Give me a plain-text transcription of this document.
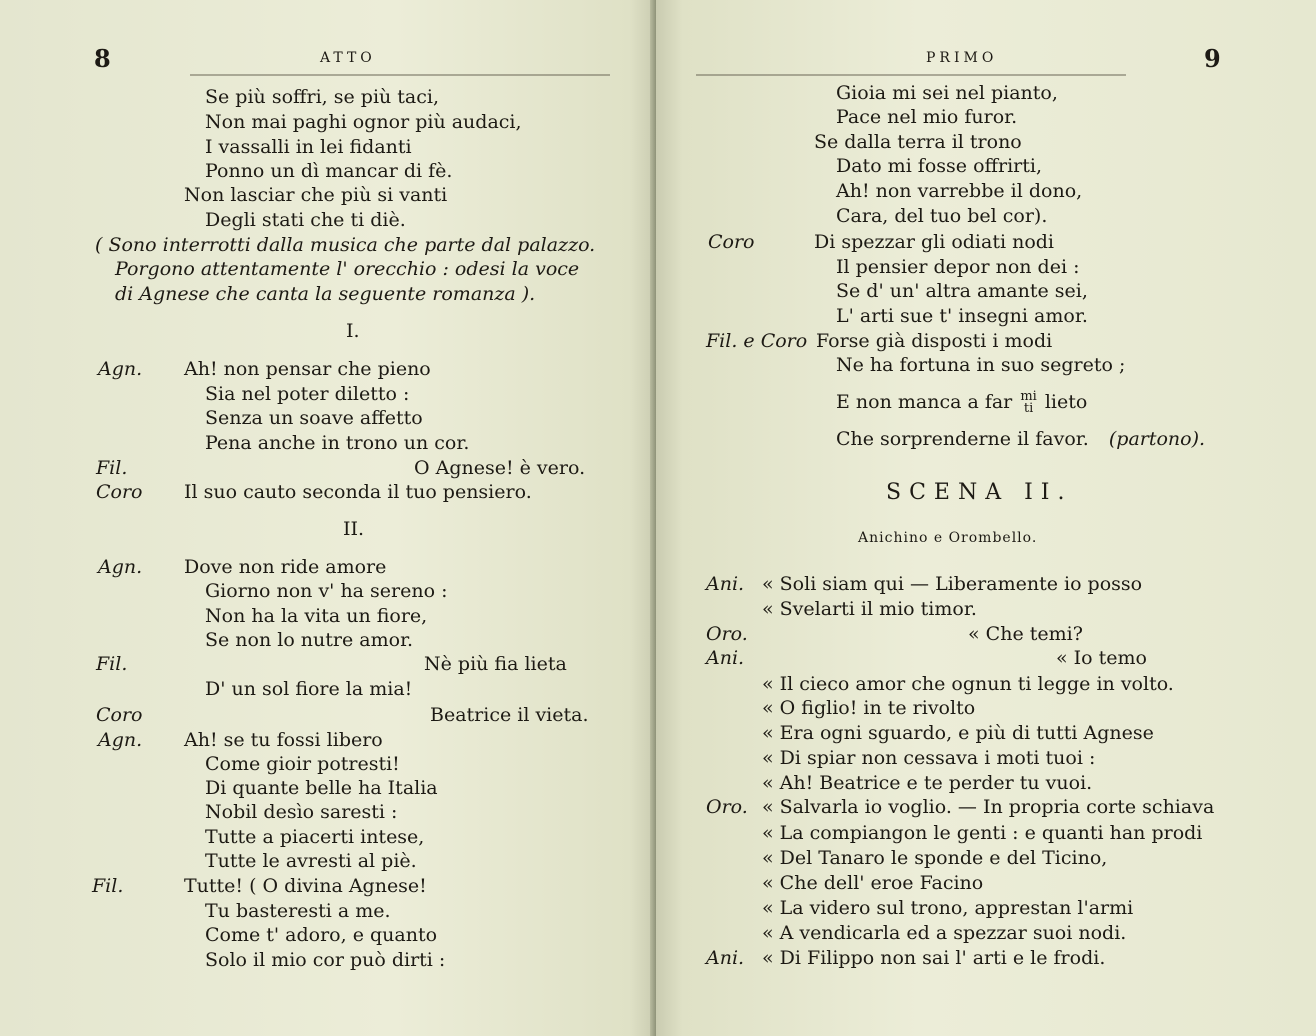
8	ATTO
Se più soffri, se più taci,
Non mai paghi ognor più audaci,
I vassalli in lei fidanti
Ponno un dì mancar di fè.
Non lasciar che più si vanti
Degli stati che ti diè.
( Sono interrotti dalla musica che parte dal palazzo.
Porgono attentamente l' orecchio : odesi la voce
di Agnese che canta la seguente romanza ).
I.
Agn. Ah! non pensar che pieno
Sia nel poter diletto :
Senza un soave affetto
Pena anche in trono un cor.
Fil.	O Agnese! è vero.
Coro Il suo cauto seconda il tuo pensiero.
II.
Agn. Dove non ride amore
Giorno non v' ha sereno :
Non ha la vita un fiore,
Se non lo nutre amor.
Fil.	Nè più fia lieta
D' un sol fiore la mia!
Coro	Beatrice il vieta.
Agn. Ah! se tu fossi libero
Come gioir potresti!
Di quante belle ha Italia
Nobil desìo saresti :
Tutte a piacerti intese,
Tutte le avresti al piè.
Fil.	Tutte! ( O divina Agnese!
Tu basteresti a me.
Come t' adoro, e quanto
Solo il mio cor può dirti :
PRIMO	9
Gioia mi sei nel pianto,
Pace nel mio furor.
Se dalla terra il trono
Dato mi fosse offrirti,
Ah! non varrebbe il dono,
Cara, del tuo bel cor).
Coro	Di spezzar gli odiati nodi
Il pensier depor non dei :
Se d' un' altra amante sei,
L' arti sue t' insegni amor.
Fil. e Coro Forse già disposti i modi
Ne ha fortuna in suo segreto ;
E non manca a far mi
ti lieto
Che sorprenderne il favor. (partono).
SCENA II.
Anichino e Orombello.
Ani. « Soli siam qui — Liberamente io posso
« Svelarti il mio timor.
Oro.	« Che temi?
Ani.	« Io temo
« Il cieco amor che ognun ti legge in volto.
« O figlio! in te rivolto
« Era ogni sguardo, e più di tutti Agnese
« Di spiar non cessava i moti tuoi :
« Ah! Beatrice e te perder tu vuoi.
Oro. « Salvarla io voglio. — In propria corte schiava
« La compiangon le genti : e quanti han prodi
« Del Tanaro le sponde e del Ticino,
« Che dell' eroe Facino
« La videro sul trono, apprestan l'armi
« A vendicarla ed a spezzar suoi nodi.
Ani. « Di Filippo non sai l' arti e le frodi.
